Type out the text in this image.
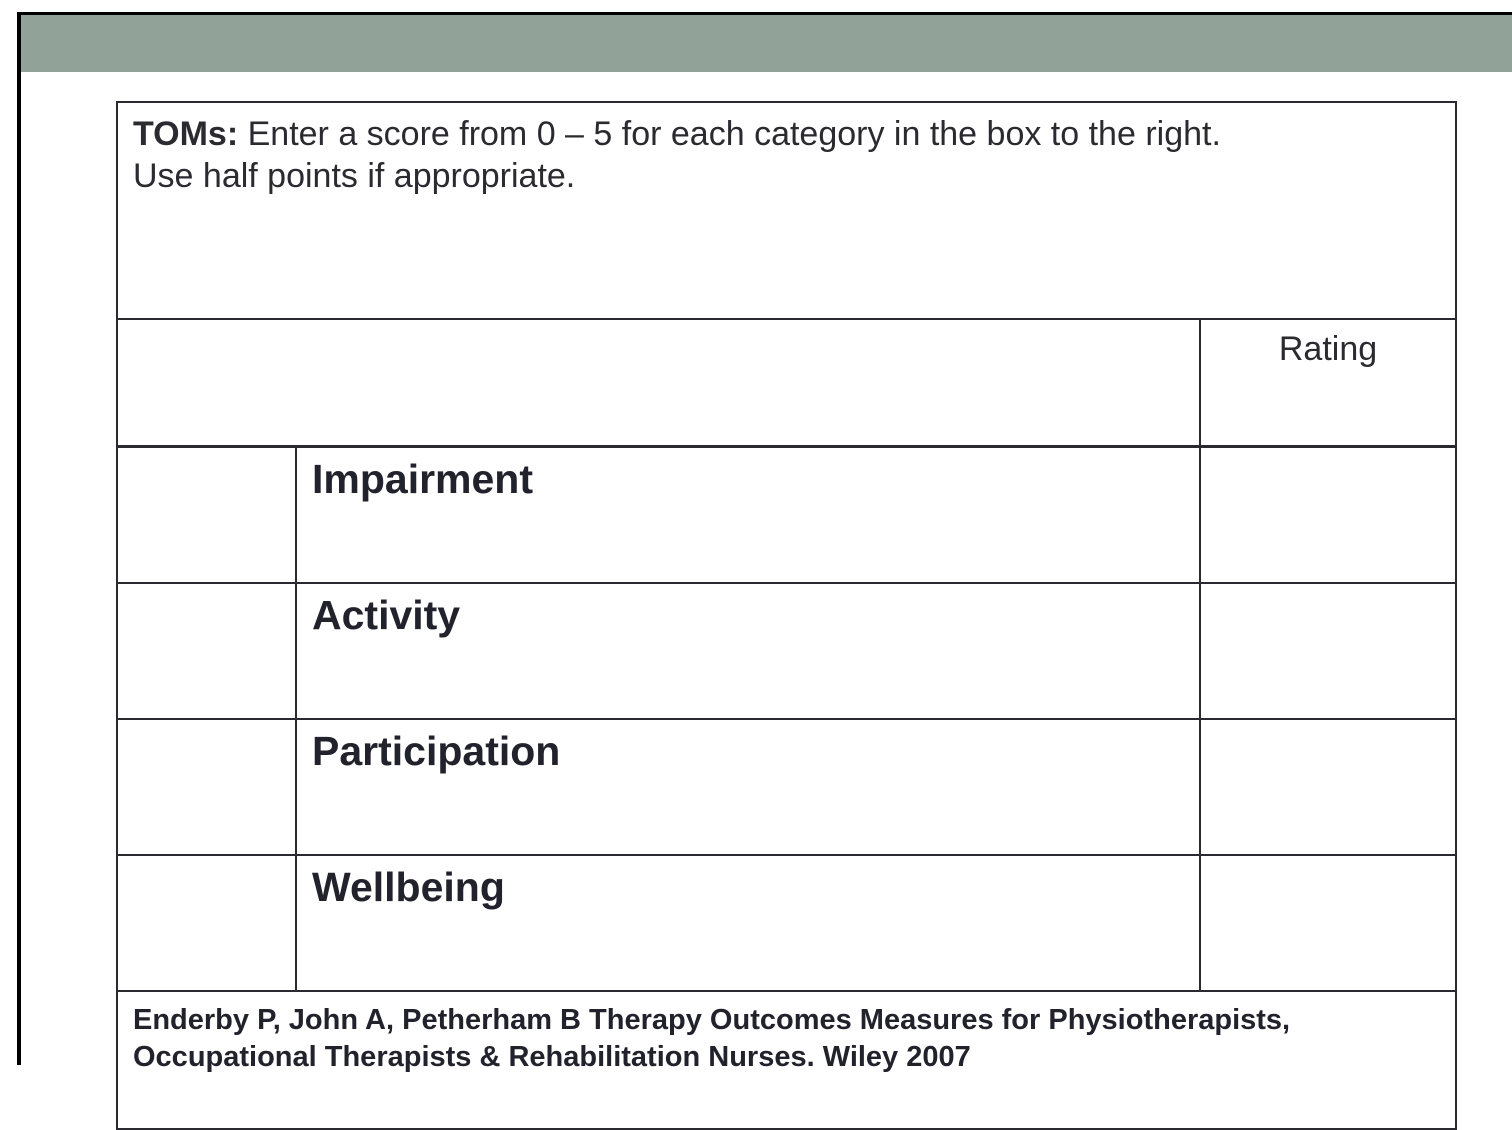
TOMs: Enter a score from 0 – 5 for each category in the box to the right.
Use half points if appropriate.		
		Rating
	Impairment	
	Activity	
	Participation	
	Wellbeing	
Enderby P, John A, Petherham B Therapy Outcomes Measures for Physiotherapists,
Occupational Therapists & Rehabilitation Nurses. Wiley 2007		
